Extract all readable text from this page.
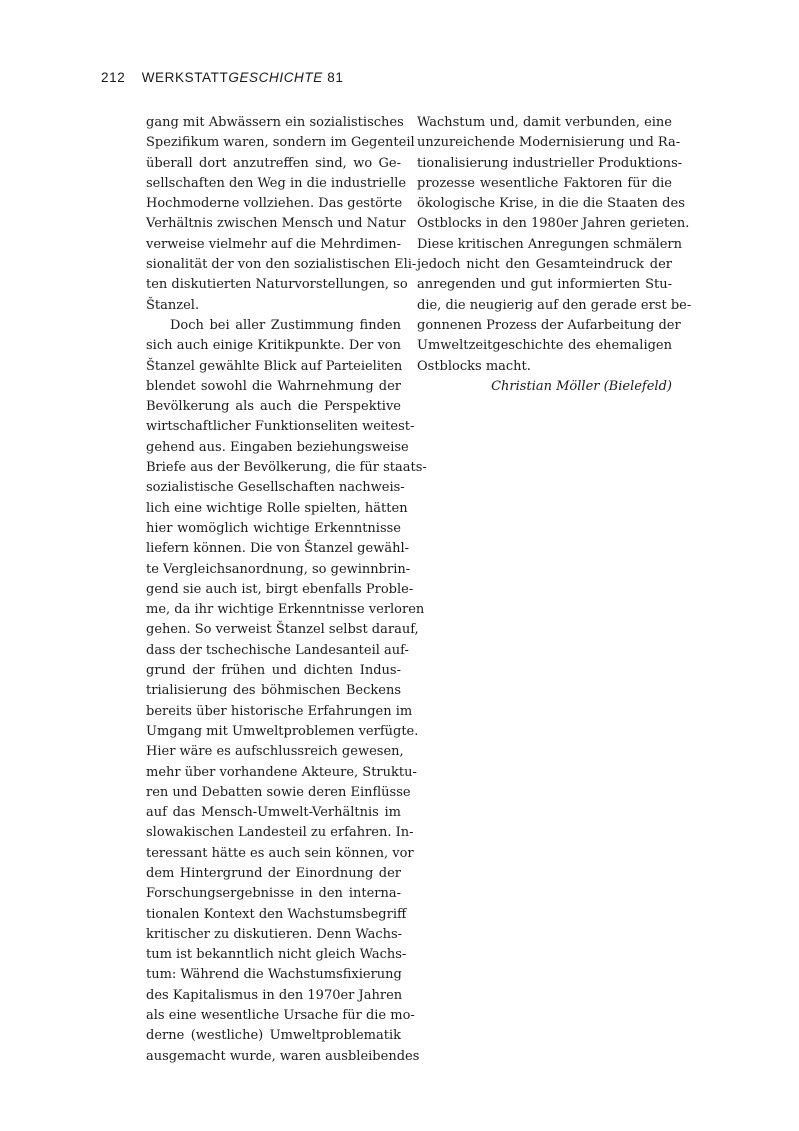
212 WERKSTATTGESCHICHTE 81
gang mit Abwässern ein sozialistisches
Spezifikum waren, sondern im Gegenteil
überall dort anzutreffen sind, wo Ge-
sellschaften den Weg in die industrielle
Hochmoderne vollziehen. Das gestörte
Verhältnis zwischen Mensch und Natur
verweise vielmehr auf die Mehrdimen-
sionalität der von den sozialistischen Eli-
ten diskutierten Naturvorstellungen, so
Štanzel.
Doch bei aller Zustimmung finden
sich auch einige Kritikpunkte. Der von
Štanzel gewählte Blick auf Parteieliten
blendet sowohl die Wahrnehmung der
Bevölkerung als auch die Perspektive
wirtschaftlicher Funktionseliten weitest-
gehend aus. Eingaben beziehungsweise
Briefe aus der Bevölkerung, die für staats-
sozialistische Gesellschaften nachweis-
lich eine wichtige Rolle spielten, hätten
hier womöglich wichtige Erkenntnisse
liefern können. Die von Štanzel gewähl-
te Vergleichsanordnung, so gewinnbrin-
gend sie auch ist, birgt ebenfalls Proble-
me, da ihr wichtige Erkenntnisse verloren
gehen. So verweist Štanzel selbst darauf,
dass der tschechische Landesanteil auf-
grund der frühen und dichten Indus-
trialisierung des böhmischen Beckens
bereits über historische Erfahrungen im
Umgang mit Umweltproblemen verfügte.
Hier wäre es aufschlussreich gewesen,
mehr über vorhandene Akteure, Struktu-
ren und Debatten sowie deren Einflüsse
auf das Mensch-Umwelt-Verhältnis im
slowakischen Landesteil zu erfahren. In-
teressant hätte es auch sein können, vor
dem Hintergrund der Einordnung der
Forschungsergebnisse in den interna-
tionalen Kontext den Wachstumsbegriff
kritischer zu diskutieren. Denn Wachs-
tum ist bekanntlich nicht gleich Wachs-
tum: Während die Wachstumsfixierung
des Kapitalismus in den 1970er Jahren
als eine wesentliche Ursache für die mo-
derne (westliche) Umweltproblematik
ausgemacht wurde, waren ausbleibendes
Wachstum und, damit verbunden, eine
unzureichende Modernisierung und Ra-
tionalisierung industrieller Produktions-
prozesse wesentliche Faktoren für die
ökologische Krise, in die die Staaten des
Ostblocks in den 1980er Jahren gerieten.
Diese kritischen Anregungen schmälern
jedoch nicht den Gesamteindruck der
anregenden und gut informierten Stu-
die, die neugierig auf den gerade erst be-
gonnenen Prozess der Aufarbeitung der
Umweltzeitgeschichte des ehemaligen
Ostblocks macht.
Christian Möller (Bielefeld)
